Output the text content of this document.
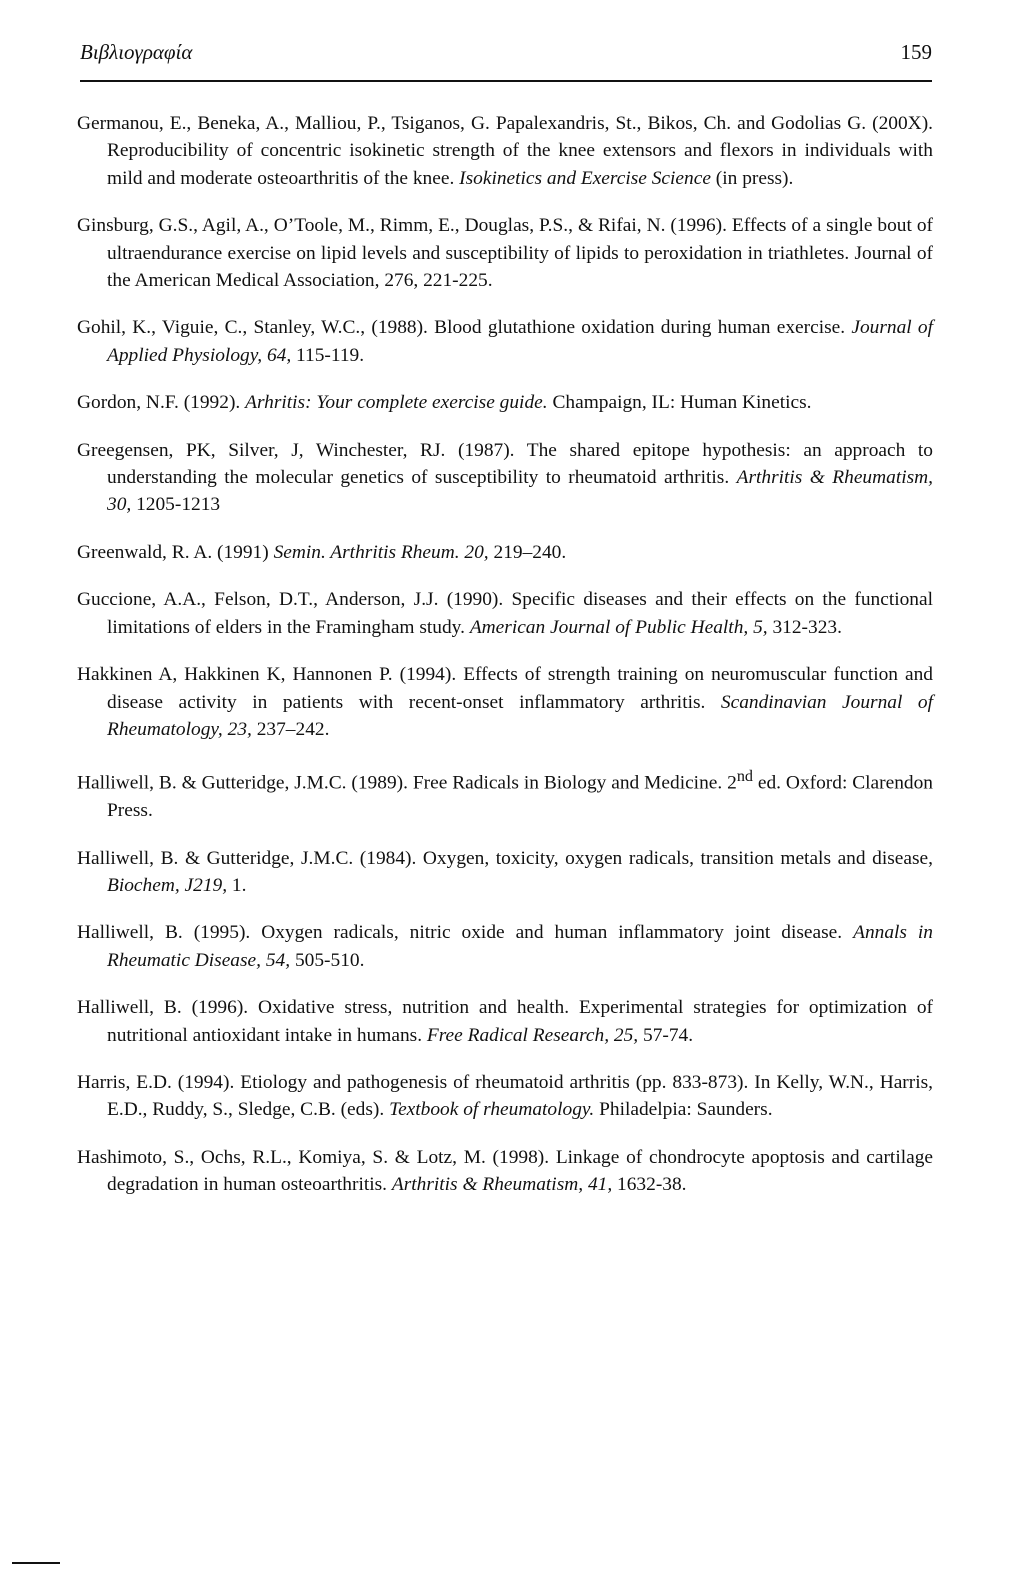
Βιβλιογραφία	159

Germanou, E., Beneka, A., Malliou, P., Tsiganos, G. Papalexandris, St., Bikos, Ch. and Godolias G. (200X). Reproducibility of concentric isokinetic strength of the knee extensors and flexors in individuals with mild and moderate osteoarthritis of the knee. Isokinetics and Exercise Science (in press).

Ginsburg, G.S., Agil, A., O’Toole, M., Rimm, E., Douglas, P.S., & Rifai, N. (1996). Effects of a single bout of ultraendurance exercise on lipid levels and susceptibility of lipids to peroxidation in triathletes. Journal of the American Medical Association, 276, 221-225.

Gohil, K., Viguie, C., Stanley, W.C., (1988). Blood glutathione oxidation during human exercise. Journal of Applied Physiology, 64, 115-119.

Gordon, N.F. (1992). Arhritis: Your complete exercise guide. Champaign, IL: Human Kinetics.

Greegensen, PK, Silver, J, Winchester, RJ. (1987). The shared epitope hypothesis: an approach to understanding the molecular genetics of susceptibility to rheumatoid arthritis. Arthritis & Rheumatism, 30, 1205-1213

Greenwald, R. A. (1991) Semin. Arthritis Rheum. 20, 219–240.

Guccione, A.A., Felson, D.T., Anderson, J.J. (1990). Specific diseases and their effects on the functional limitations of elders in the Framingham study. American Journal of Public Health, 5, 312-323.

Hakkinen A, Hakkinen K, Hannonen P. (1994). Effects of strength training on neuromuscular function and disease activity in patients with recent-onset inflammatory arthritis. Scandinavian Journal of Rheumatology, 23, 237–242.

Halliwell, B. & Gutteridge, J.M.C. (1989). Free Radicals in Biology and Medicine. 2nd ed. Oxford: Clarendon Press.

Halliwell, B. & Gutteridge, J.M.C. (1984). Oxygen, toxicity, oxygen radicals, transition metals and disease, Biochem, J219, 1.

Halliwell, B. (1995). Oxygen radicals, nitric oxide and human inflammatory joint disease. Annals in Rheumatic Disease, 54, 505-510.

Halliwell, B. (1996). Oxidative stress, nutrition and health. Experimental strategies for optimization of nutritional antioxidant intake in humans. Free Radical Research, 25, 57-74.

Harris, E.D. (1994). Etiology and pathogenesis of rheumatoid arthritis (pp. 833-873). In Kelly, W.N., Harris, E.D., Ruddy, S., Sledge, C.B. (eds). Textbook of rheumatology. Philadelpia: Saunders.

Hashimoto, S., Ochs, R.L., Komiya, S. & Lotz, M. (1998). Linkage of chondrocyte apoptosis and cartilage degradation in human osteoarthritis. Arthritis & Rheumatism, 41, 1632-38.
